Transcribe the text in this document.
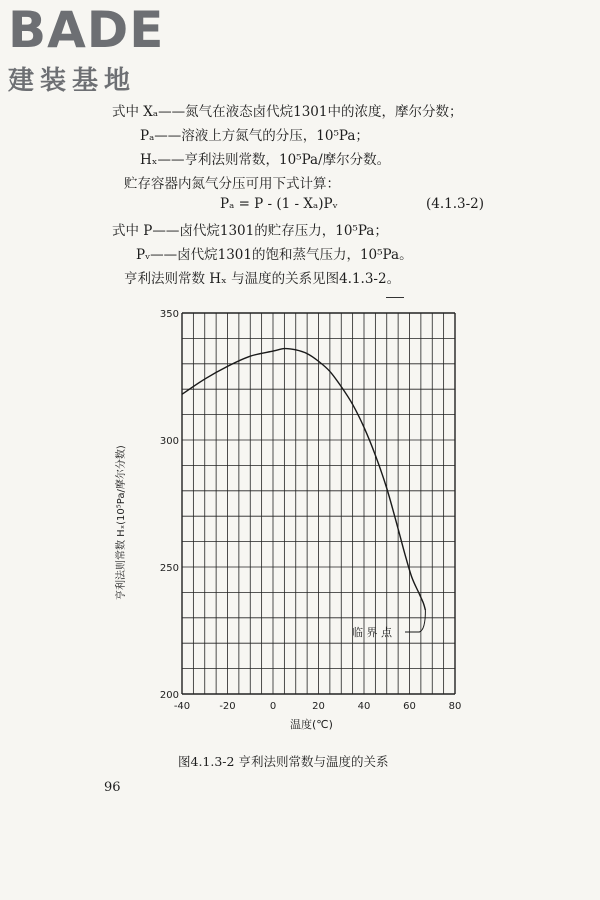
BADE
建装基地
式中 Xₐ——氮气在液态卤代烷1301中的浓度，摩尔分数；
Pₐ——溶液上方氮气的分压，10⁵Pa；
Hₓ——亨利法则常数，10⁵Pa/摩尔分数。
贮存容器内氮气分压可用下式计算：
Pₐ = P - (1 - Xₐ)Pᵥ	(4.1.3-2)
式中 P——卤代烷1301的贮存压力，10⁵Pa；
Pᵥ——卤代烷1301的饱和蒸气压力，10⁵Pa。
亨利法则常数 Hₓ 与温度的关系见图4.1.3-2。
-40	-20	0	20	40	60	80
350
300
250
200
临 界 点
温度(℃)
亨利法则常数 Hₓ(10⁵Pa/摩尔分数)
图4.1.3-2 亨利法则常数与温度的关系
96
